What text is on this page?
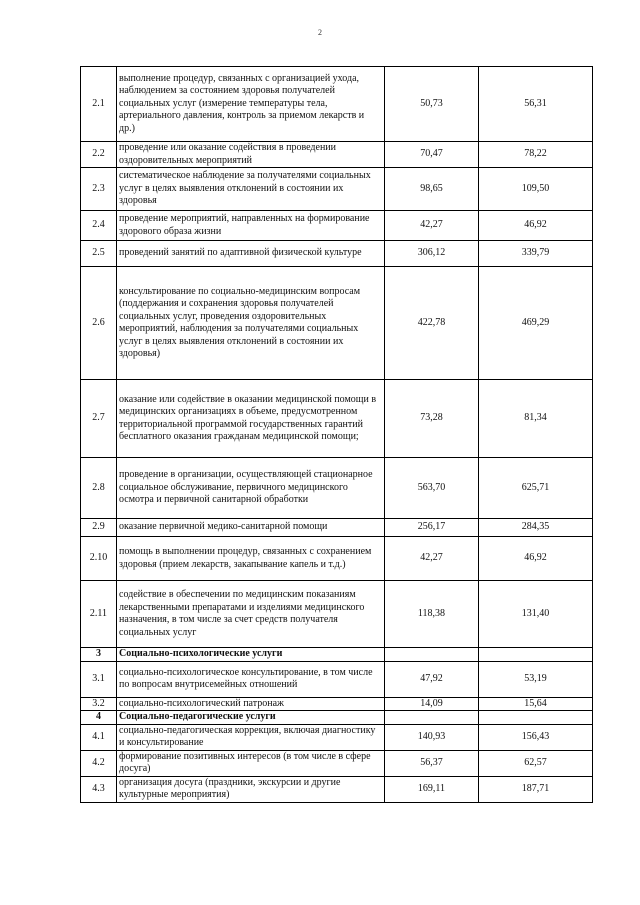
2
2.1	выполнение процедур, связанных с организацией ухода, наблюдением за состоянием здоровья получателей социальных услуг (измерение температуры тела, артериального давления, контроль за приемом лекарств и др.)	50,73	56,31
2.2	проведение или оказание содействия в проведении оздоровительных мероприятий	70,47	78,22
2.3	систематическое наблюдение за получателями социальных услуг в целях выявления отклонений в состоянии их здоровья	98,65	109,50
2.4	проведение мероприятий, направленных на формирование здорового образа жизни	42,27	46,92
2.5	проведений занятий по адаптивной физической культуре	306,12	339,79
2.6	консультирование по социально-медицинским вопросам (поддержания и сохранения здоровья получателей социальных услуг, проведения оздоровительных мероприятий, наблюдения за получателями социальных услуг в целях выявления отклонений в состоянии их здоровья)	422,78	469,29
2.7	оказание или содействие в оказании медицинской помощи в медицинских организациях в объеме, предусмотренном территориальной программой государственных гарантий бесплатного оказания гражданам медицинской помощи;	73,28	81,34
2.8	проведение в организации, осуществляющей стационарное социальное обслуживание, первичного медицинского осмотра и первичной санитарной обработки	563,70	625,71
2.9	оказание первичной медико-санитарной помощи	256,17	284,35
2.10	помощь в выполнении процедур, связанных с сохранением здоровья (прием лекарств, закапывание капель и т.д.)	42,27	46,92
2.11	содействие в обеспечении по медицинским показаниям лекарственными препаратами и изделиями медицинского назначения, в том числе за счет средств получателя социальных услуг	118,38	131,40
3	Социально-психологические услуги		
3.1	социально-психологическое консультирование, в том числе по вопросам внутрисемейных отношений	47,92	53,19
3.2	социально-психологический патронаж	14,09	15,64
4	Социально-педагогические услуги		
4.1	социально-педагогическая коррекция, включая диагностику и консультирование	140,93	156,43
4.2	формирование позитивных интересов (в том числе в сфере досуга)	56,37	62,57
4.3	организация досуга (праздники, экскурсии и другие культурные мероприятия)	169,11	187,71
